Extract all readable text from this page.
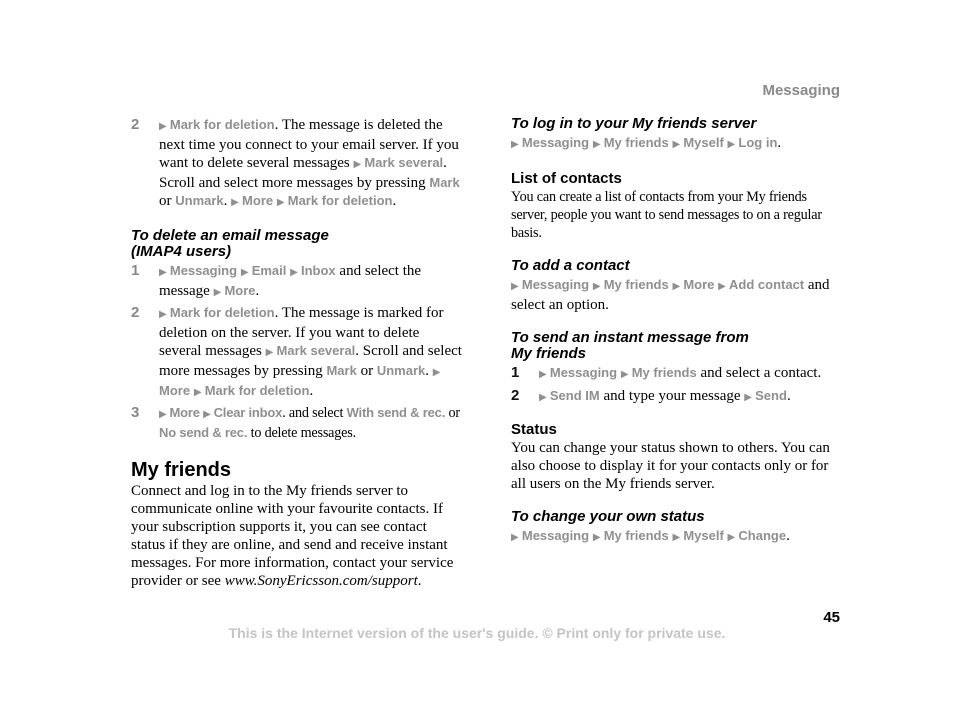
Messaging
2	▶ Mark for deletion. The message is deleted the next time you connect to your email server. If you want to delete several messages ▶ Mark several. Scroll and select more messages by pressing Mark or Unmark. ▶ More ▶ Mark for deletion.
To delete an email message
(IMAP4 users)
1	▶ Messaging ▶ Email ▶ Inbox and select the message ▶ More.
2	▶ Mark for deletion. The message is marked for deletion on the server. If you want to delete several messages ▶ Mark several. Scroll and select more messages by pressing Mark or Unmark. ▶ More ▶ Mark for deletion.
3	▶ More ▶ Clear inbox. and select With send & rec. or No send & rec. to delete messages.
My friends
Connect and log in to the My friends server to communicate online with your favourite contacts. If your subscription supports it, you can see contact status if they are online, and send and receive instant messages. For more information, contact your service provider or see www.SonyEricsson.com/support.
To log in to your My friends server
▶ Messaging ▶ My friends ▶ Myself ▶ Log in.
List of contacts
You can create a list of contacts from your My friends server, people you want to send messages to on a regular basis.
To add a contact
▶ Messaging ▶ My friends ▶ More ▶ Add contact and select an option.
To send an instant message from
My friends
1	▶ Messaging ▶ My friends and select a contact.
2	▶ Send IM and type your message ▶ Send.
Status
You can change your status shown to others. You can also choose to display it for your contacts only or for all users on the My friends server.
To change your own status
▶ Messaging ▶ My friends ▶ Myself ▶ Change.
45
This is the Internet version of the user's guide. © Print only for private use.
